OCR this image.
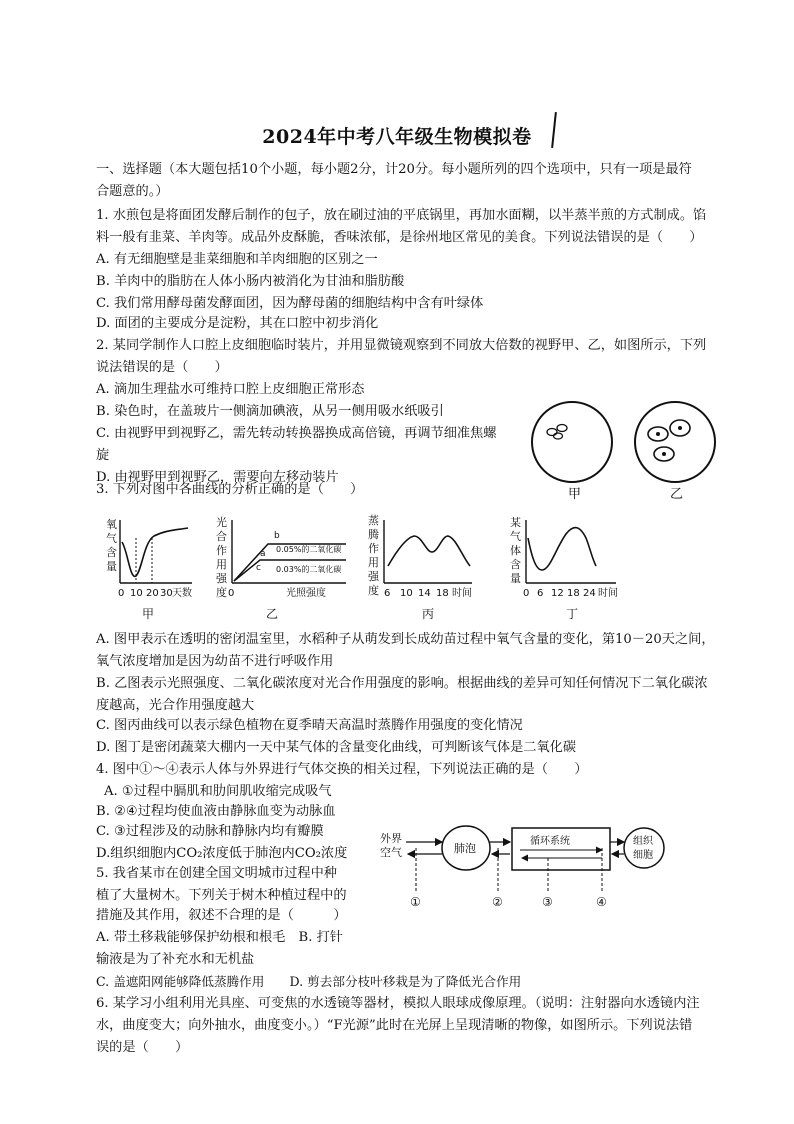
2024年中考八年级生物模拟卷
一、选择题（本大题包括10个小题，每小题2分，计20分。每小题所列的四个选项中，只有一项是最符
合题意的。）
1. 水煎包是将面团发酵后制作的包子，放在刷过油的平底锅里，再加水面糊，以半蒸半煎的方式制成。馅
料一般有韭菜、羊肉等。成品外皮酥脆，香味浓郁，是徐州地区常见的美食。下列说法错误的是（　　）
A. 有无细胞壁是韭菜细胞和羊肉细胞的区别之一
B. 羊肉中的脂肪在人体小肠内被消化为甘油和脂肪酸
C. 我们常用酵母菌发酵面团，因为酵母菌的细胞结构中含有叶绿体
D. 面团的主要成分是淀粉，其在口腔中初步消化
2. 某同学制作人口腔上皮细胞临时装片，并用显微镜观察到不同放大倍数的视野甲、乙，如图所示，下列
说法错误的是（　　）
A. 滴加生理盐水可维持口腔上皮细胞正常形态
B. 染色时，在盖玻片一侧滴加碘液，从另一侧用吸水纸吸引
C. 由视野甲到视野乙，需先转动转换器换成高倍镜，再调节细准焦螺
旋
D. 由视野甲到视野乙，需要向左移动装片
甲	乙
3. 下列对图中各曲线的分析正确的是（　　）
氧
气
含
量
0 10 20 30 天数
甲
光
合
作
用
强
度
a
b
c
0.05%的二氧化碳
0.03%的二氧化碳
0	光照强度
乙
蒸
腾
作
用
强
度 6 10 14 18 时间
丙
某
气
体
含
量
0 6 12 18 24 时间
丁
A. 图甲表示在透明的密闭温室里，水稻种子从萌发到长成幼苗过程中氧气含量的变化，第10－20天之间，
氧气浓度增加是因为幼苗不进行呼吸作用
B. 乙图表示光照强度、二氧化碳浓度对光合作用强度的影响。根据曲线的差异可知任何情况下二氧化碳浓
度越高，光合作用强度越大
C. 图丙曲线可以表示绿色植物在夏季晴天高温时蒸腾作用强度的变化情况
D. 图丁是密闭蔬菜大棚内一天中某气体的含量变化曲线，可判断该气体是二氧化碳
4. 图中①～④表示人体与外界进行气体交换的相关过程，下列说法正确的是（　　）
A. ①过程中膈肌和肋间肌收缩完成吸气
B. ②④过程均使血液由静脉血变为动脉血
C. ③过程涉及的动脉和静脉内均有瓣膜
D.组织细胞内CO₂浓度低于肺泡内CO₂浓度
外界
空气	肺泡
循环系统	组织
细胞
①	②	③	④
5. 我省某市在创建全国文明城市过程中种
植了大量树木。下列关于树木种植过程中的
措施及其作用，叙述不合理的是（　　　）
A. 带土移栽能够保护幼根和根毛　B. 打针
输液是为了补充水和无机盐
C. 盖遮阳网能够降低蒸腾作用　　D. 剪去部分枝叶移栽是为了降低光合作用
6. 某学习小组利用光具座、可变焦的水透镜等器材，模拟人眼球成像原理。（说明：注射器向水透镜内注
水，曲度变大；向外抽水，曲度变小。）“F光源”此时在光屏上呈现清晰的物像，如图所示。下列说法错
误的是（　　）
